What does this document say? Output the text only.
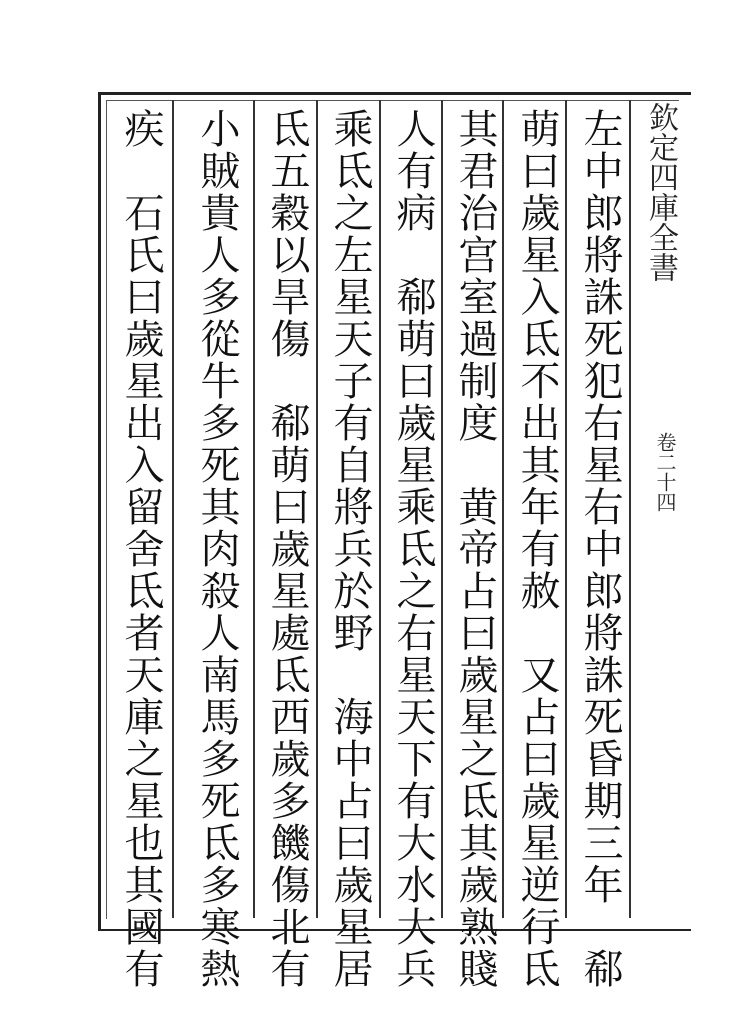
欽定四庫全書
卷二十四
左中郎將誅死犯右星右中郎將誅死昏期三年　郗
萌曰歲星入氐不出其年有赦　又占曰歲星逆行氐
其君治宫室過制度　黄帝占曰歲星之氐其歲熟賤
人有病　郗萌曰歲星乘氐之右星天下有大水大兵
乘氐之左星天子有自將兵於野　海中占曰歲星居
氐五穀以旱傷　郗萌曰歲星處氐西歲多饑傷北有
小賊貴人多從牛多死其肉殺人南馬多死氐多寒熱
疾　石氏曰歲星出入留舍氐者天庫之星也其國有
